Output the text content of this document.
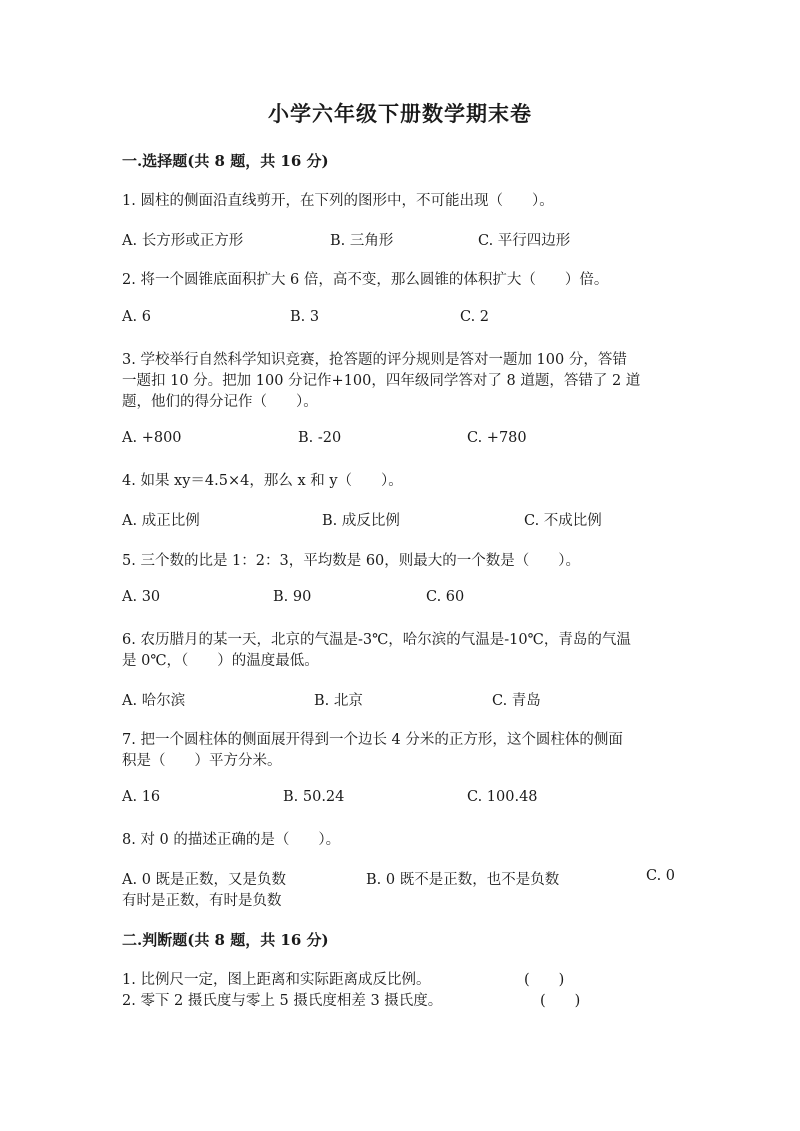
小学六年级下册数学期末卷
一.选择题(共 8 题，共 16 分)
1. 圆柱的侧面沿直线剪开，在下列的图形中，不可能出现（　　）。
A. 长方形或正方形	B. 三角形	C. 平行四边形
2. 将一个圆锥底面积扩大 6 倍，高不变，那么圆锥的体积扩大（　　）倍。
A. 6	B. 3	C. 2
3. 学校举行自然科学知识竞赛，抢答题的评分规则是答对一题加 100 分，答错
一题扣 10 分。把加 100 分记作+100，四年级同学答对了 8 道题，答错了 2 道
题，他们的得分记作（　　）。
A. +800	B. -20	C. +780
4. 如果 xy＝4.5×4，那么 x 和 y（　　）。
A. 成正比例	B. 成反比例	C. 不成比例
5. 三个数的比是 1：2：3，平均数是 60，则最大的一个数是（　　）。
A. 30	B. 90	C. 60
6. 农历腊月的某一天，北京的气温是-3℃，哈尔滨的气温是-10℃，青岛的气温
是 0℃，（　　）的温度最低。
A. 哈尔滨	B. 北京	C. 青岛
7. 把一个圆柱体的侧面展开得到一个边长 4 分米的正方形，这个圆柱体的侧面
积是（　　）平方分米。
A. 16	B. 50.24	C. 100.48
8. 对 0 的描述正确的是（　　）。
A. 0 既是正数，又是负数	B. 0 既不是正数，也不是负数	C. 0
有时是正数，有时是负数
二.判断题(共 8 题，共 16 分)
1. 比例尺一定，图上距离和实际距离成反比例。	(　　)
2. 零下 2 摄氏度与零上 5 摄氏度相差 3 摄氏度。	(　　)
